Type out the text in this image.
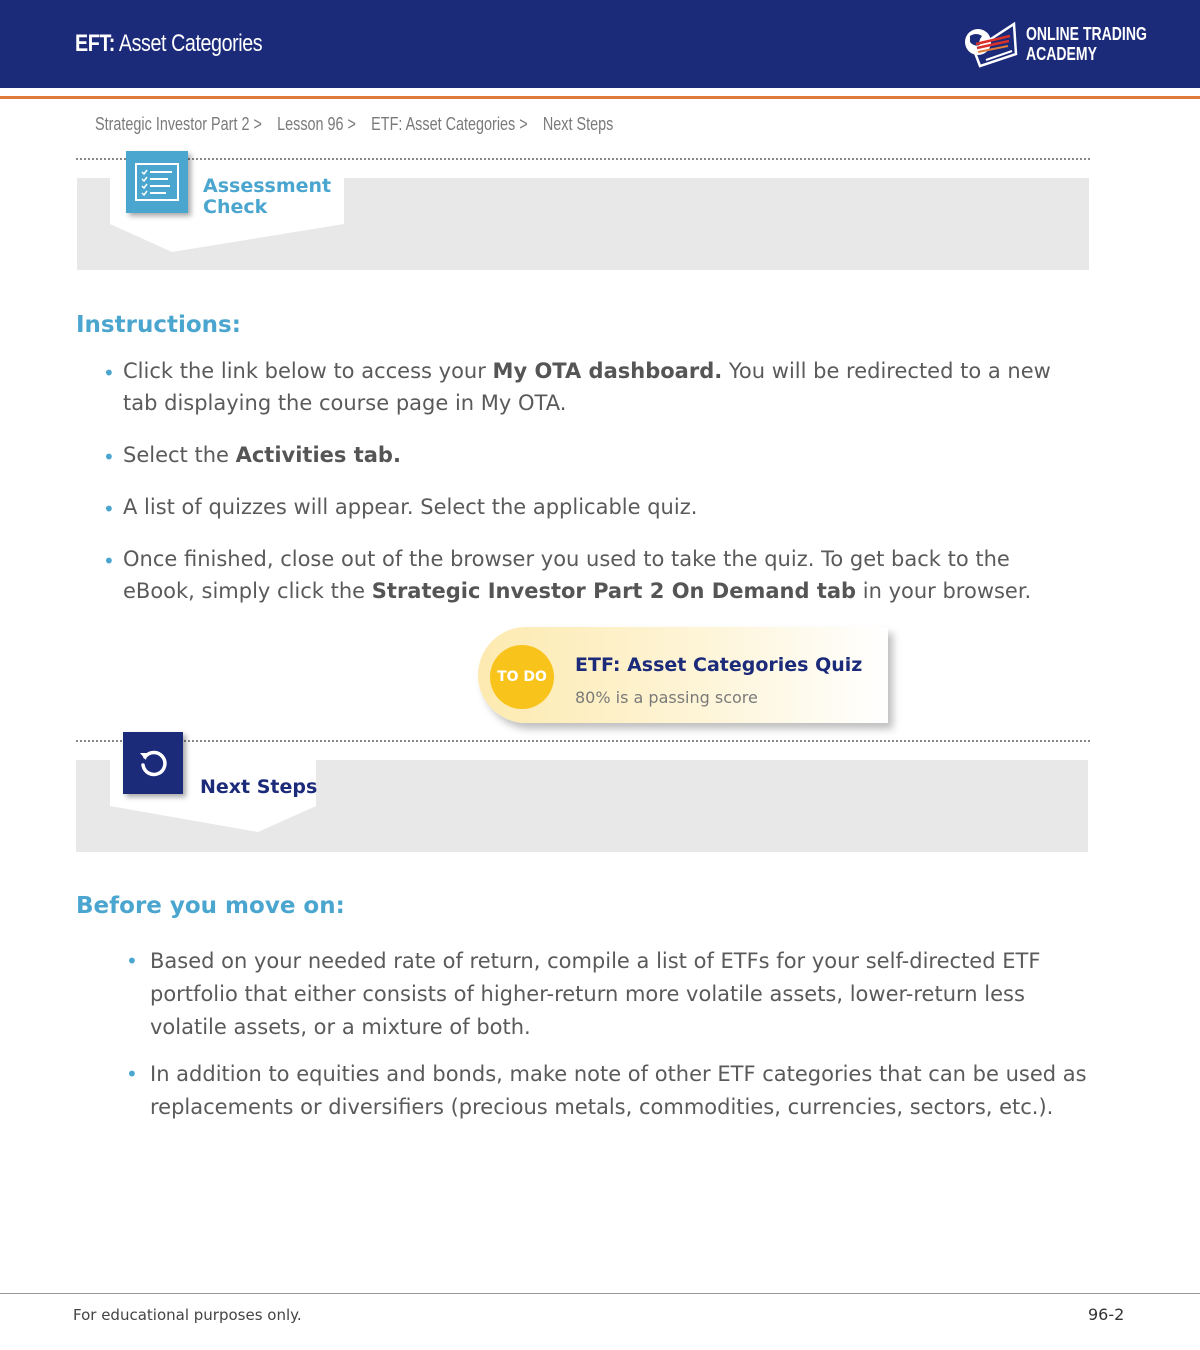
EFT: Asset Categories	ONLINE TRADING
ACADEMY
Strategic Investor Part 2 > Lesson 96 > ETF: Asset Categories > Next Steps
Assessment
Check
Instructions:
• Click the link below to access your My OTA dashboard. You will be redirected to a new tab displaying the course page in My OTA.
• Select the Activities tab.
• A list of quizzes will appear. Select the applicable quiz.
• Once finished, close out of the browser you used to take the quiz. To get back to the eBook, simply click the Strategic Investor Part 2 On Demand tab in your browser.
TO DO
ETF: Asset Categories Quiz
80% is a passing score
Next Steps
Before you move on:
• Based on your needed rate of return, compile a list of ETFs for your self-directed ETF portfolio that either consists of higher-return more volatile assets, lower-return less volatile assets, or a mixture of both.
• In addition to equities and bonds, make note of other ETF categories that can be used as replacements or diversifiers (precious metals, commodities, currencies, sectors, etc.).
For educational purposes only.	96-2
